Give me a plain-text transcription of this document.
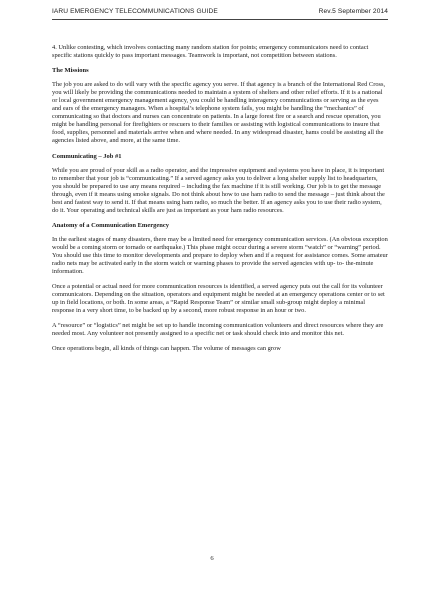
IARU EMERGENCY TELECOMMUNICATIONS GUIDE	Rev.5 September 2014

4. Unlike contesting, which involves contacting many random station for points; emergency communicators need to contact specific stations quickly to pass important messages. Teamwork is important, not competition between stations.

The Missions

The job you are asked to do will vary with the specific agency you serve. If that agency is a branch of the International Red Cross, you will likely be providing the communications needed to maintain a system of shelters and other relief efforts. If it is a national or local government emergency management agency, you could be handling interagency communications or serving as the eyes and ears of the emergency managers. When a hospital’s telephone system fails, you might be handling the “mechanics” of communicating so that doctors and nurses can concentrate on patients. In a large forest fire or a search and rescue operation, you might be handling personal for firefighters or rescuers to their families or assisting with logistical communications to insure that food, supplies, personnel and materials arrive when and where needed. In any widespread disaster, hams could be assisting all the agencies listed above, and more, at the same time.

Communicating – Job #1

While you are proud of your skill as a radio operator, and the impressive equipment and systems you have in place, it is important to remember that your job is “communicating.” If a served agency asks you to deliver a long shelter supply list to headquarters, you should be prepared to use any means required – including the fax machine if it is still working. Our job is to get the message through, even if it means using smoke signals. Do not think about how to use ham radio to send the message – just think about the best and fastest way to send it. If that means using ham radio, so much the better. If an agency asks you to use their radio system, do it. Your operating and technical skills are just as important as your ham radio resources.

Anatomy of a Communication Emergency

In the earliest stages of many disasters, there may be a limited need for emergency communication services. (An obvious exception would be a coming storm or tornado or earthquake.) This phase might occur during a severe storm “watch” or “warning” period. You should use this time to monitor developments and prepare to deploy when and if a request for assistance comes. Some amateur radio nets may be activated early in the storm watch or warning phases to provide the served agencies with up- to- the-minute information.

Once a potential or actual need for more communication resources is identified, a served agency puts out the call for its volunteer communicators. Depending on the situation, operators and equipment might be needed at an emergency operations center or to set up in field locations, or both. In some areas, a “Rapid Response Team” or similar small sub-group might deploy a minimal response in a very short time, to be backed up by a second, more robust response in an hour or two.

A “resource” or “logistics” net might be set up to handle incoming communication volunteers and direct resources where they are needed most. Any volunteer not presently assigned to a specific net or task should check into and monitor this net.

Once operations begin, all kinds of things can happen. The volume of messages can grow

6
